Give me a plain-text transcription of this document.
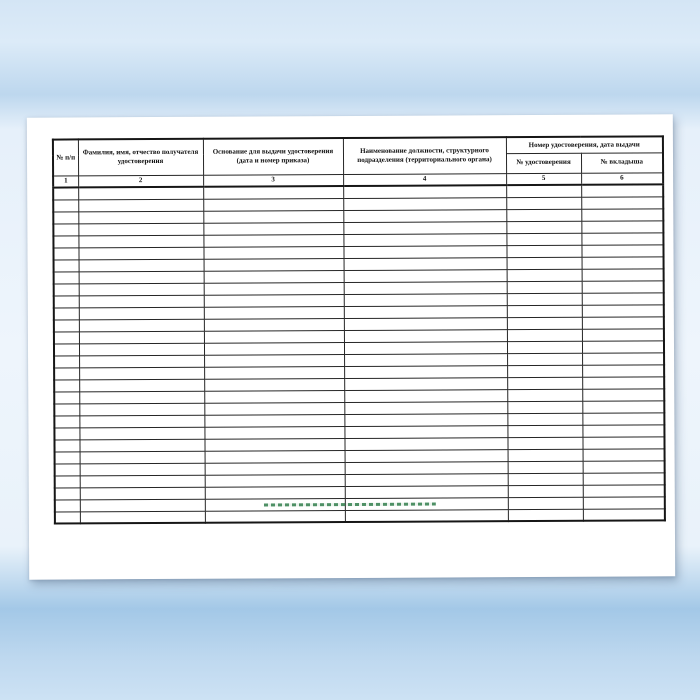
№ п/п	Фамилия, имя, отчество получателя удостоверения	Основание для выдачи удостоверения (дата и номер приказа)	Наименование должности, структурного подразделения (территориального органа)	Номер удостоверения, дата выдачи	
				№ удостоверения	№ вкладыша
1	2	3	4	5	6
